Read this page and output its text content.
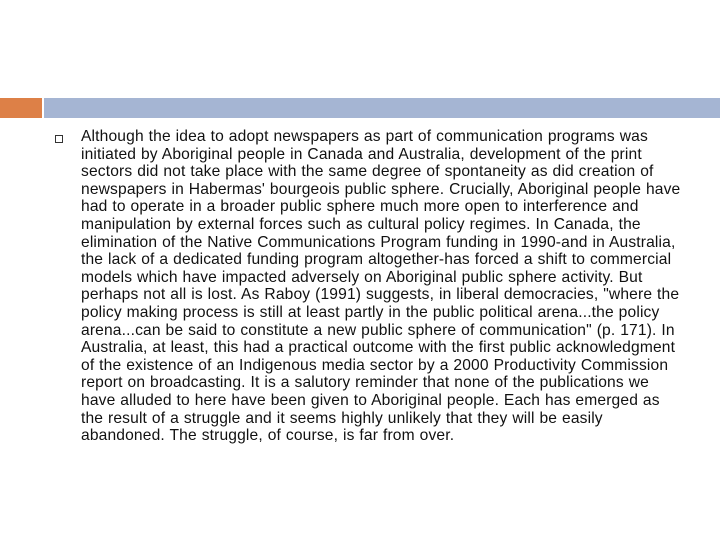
Although the idea to adopt newspapers as part of communication programs was initiated by Aboriginal people in Canada and Australia, development of the print sectors did not take place with the same degree of spontaneity as did creation of newspapers in Habermas' bourgeois public sphere. Crucially, Aboriginal people have had to operate in a broader public sphere much more open to interference and manipulation by external forces such as cultural policy regimes. In Canada, the elimination of the Native Communications Program funding in 1990-and in Australia, the lack of a dedicated funding program altogether-has forced a shift to commercial models which have impacted adversely on Aboriginal public sphere activity. But perhaps not all is lost. As Raboy (1991) suggests, in liberal democracies, "where the policy making process is still at least partly in the public political arena...the policy arena...can be said to constitute a new public sphere of communication" (p. 171). In Australia, at least, this had a practical outcome with the first public acknowledgment of the existence of an Indigenous media sector by a 2000 Productivity Commission report on broadcasting. It is a salutory reminder that none of the publications we have alluded to here have been given to Aboriginal people. Each has emerged as the result of a struggle and it seems highly unlikely that they will be easily abandoned. The struggle, of course, is far from over.
